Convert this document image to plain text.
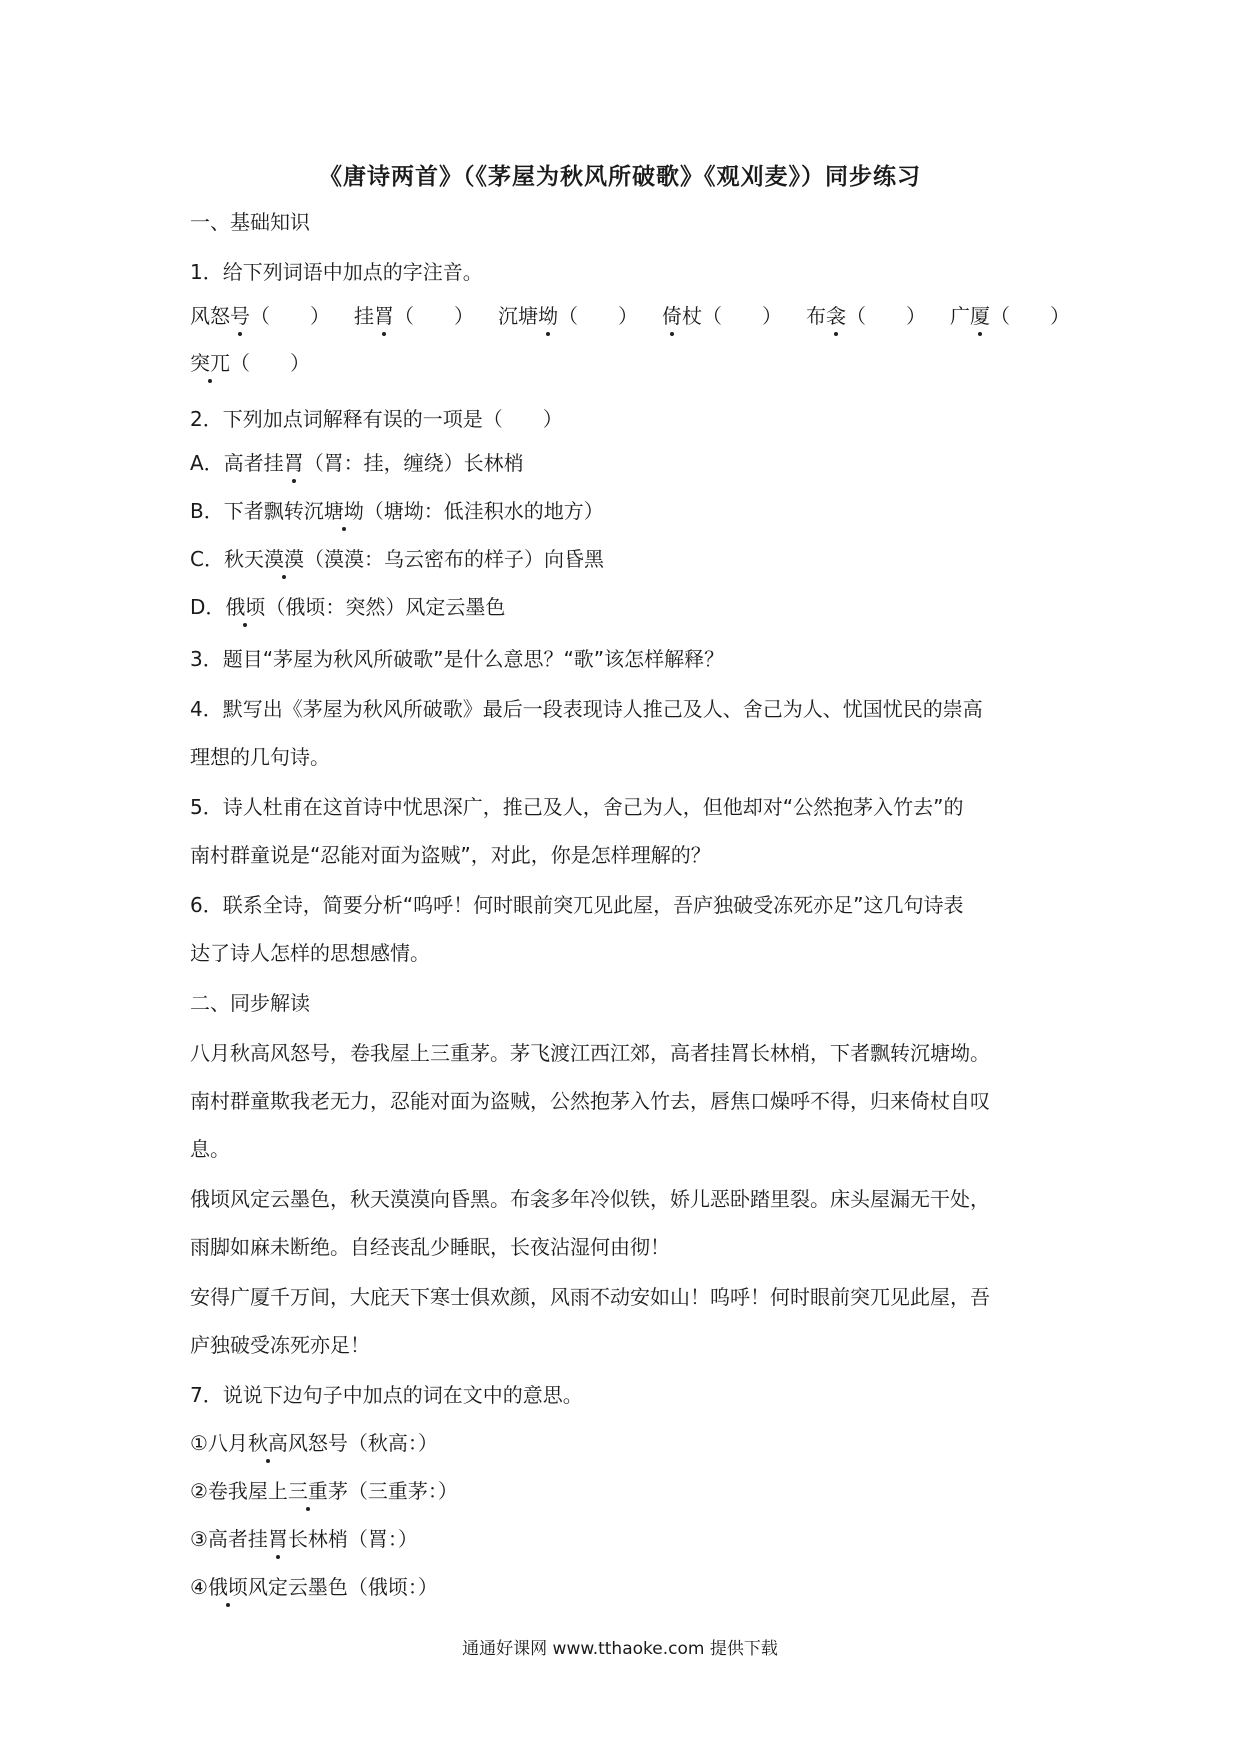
《唐诗两首》（《茅屋为秋风所破歌》《观刈麦》）同步练习
一、基础知识
1．给下列词语中加点的字注音。
风怒号（　　） 挂罥（　　） 沉塘坳（　　） 倚杖（　　） 布衾（　　） 广厦（　　）
突兀（　　）
2．下列加点词解释有误的一项是（　　）
A．高者挂罥（罥：挂，缠绕）长林梢
B．下者飘转沉塘坳（塘坳：低洼积水的地方）
C．秋天漠漠（漠漠：乌云密布的样子）向昏黑
D．俄顷（俄顷：突然）风定云墨色
3．题目“茅屋为秋风所破歌”是什么意思？“歌”该怎样解释？
4．默写出《茅屋为秋风所破歌》最后一段表现诗人推己及人、舍己为人、忧国忧民的崇高
理想的几句诗。
5．诗人杜甫在这首诗中忧思深广，推己及人，舍己为人，但他却对“公然抱茅入竹去”的
南村群童说是“忍能对面为盗贼”，对此，你是怎样理解的？
6．联系全诗，简要分析“呜呼！何时眼前突兀见此屋，吾庐独破受冻死亦足”这几句诗表
达了诗人怎样的思想感情。
二、同步解读
八月秋高风怒号，卷我屋上三重茅。茅飞渡江西江郊，高者挂罥长林梢，下者飘转沉塘坳。
南村群童欺我老无力，忍能对面为盗贼，公然抱茅入竹去，唇焦口燥呼不得，归来倚杖自叹
息。
俄顷风定云墨色，秋天漠漠向昏黑。布衾多年冷似铁，娇儿恶卧踏里裂。床头屋漏无干处，
雨脚如麻未断绝。自经丧乱少睡眠，长夜沾湿何由彻！
安得广厦千万间，大庇天下寒士俱欢颜，风雨不动安如山！呜呼！何时眼前突兀见此屋，吾
庐独破受冻死亦足！
7．说说下边句子中加点的词在文中的意思。
①八月秋高风怒号（秋高：）
②卷我屋上三重茅（三重茅：）
③高者挂罥长林梢（罥：）
④俄顷风定云墨色（俄顷：）
通通好课网 www.tthaoke.com 提供下载
